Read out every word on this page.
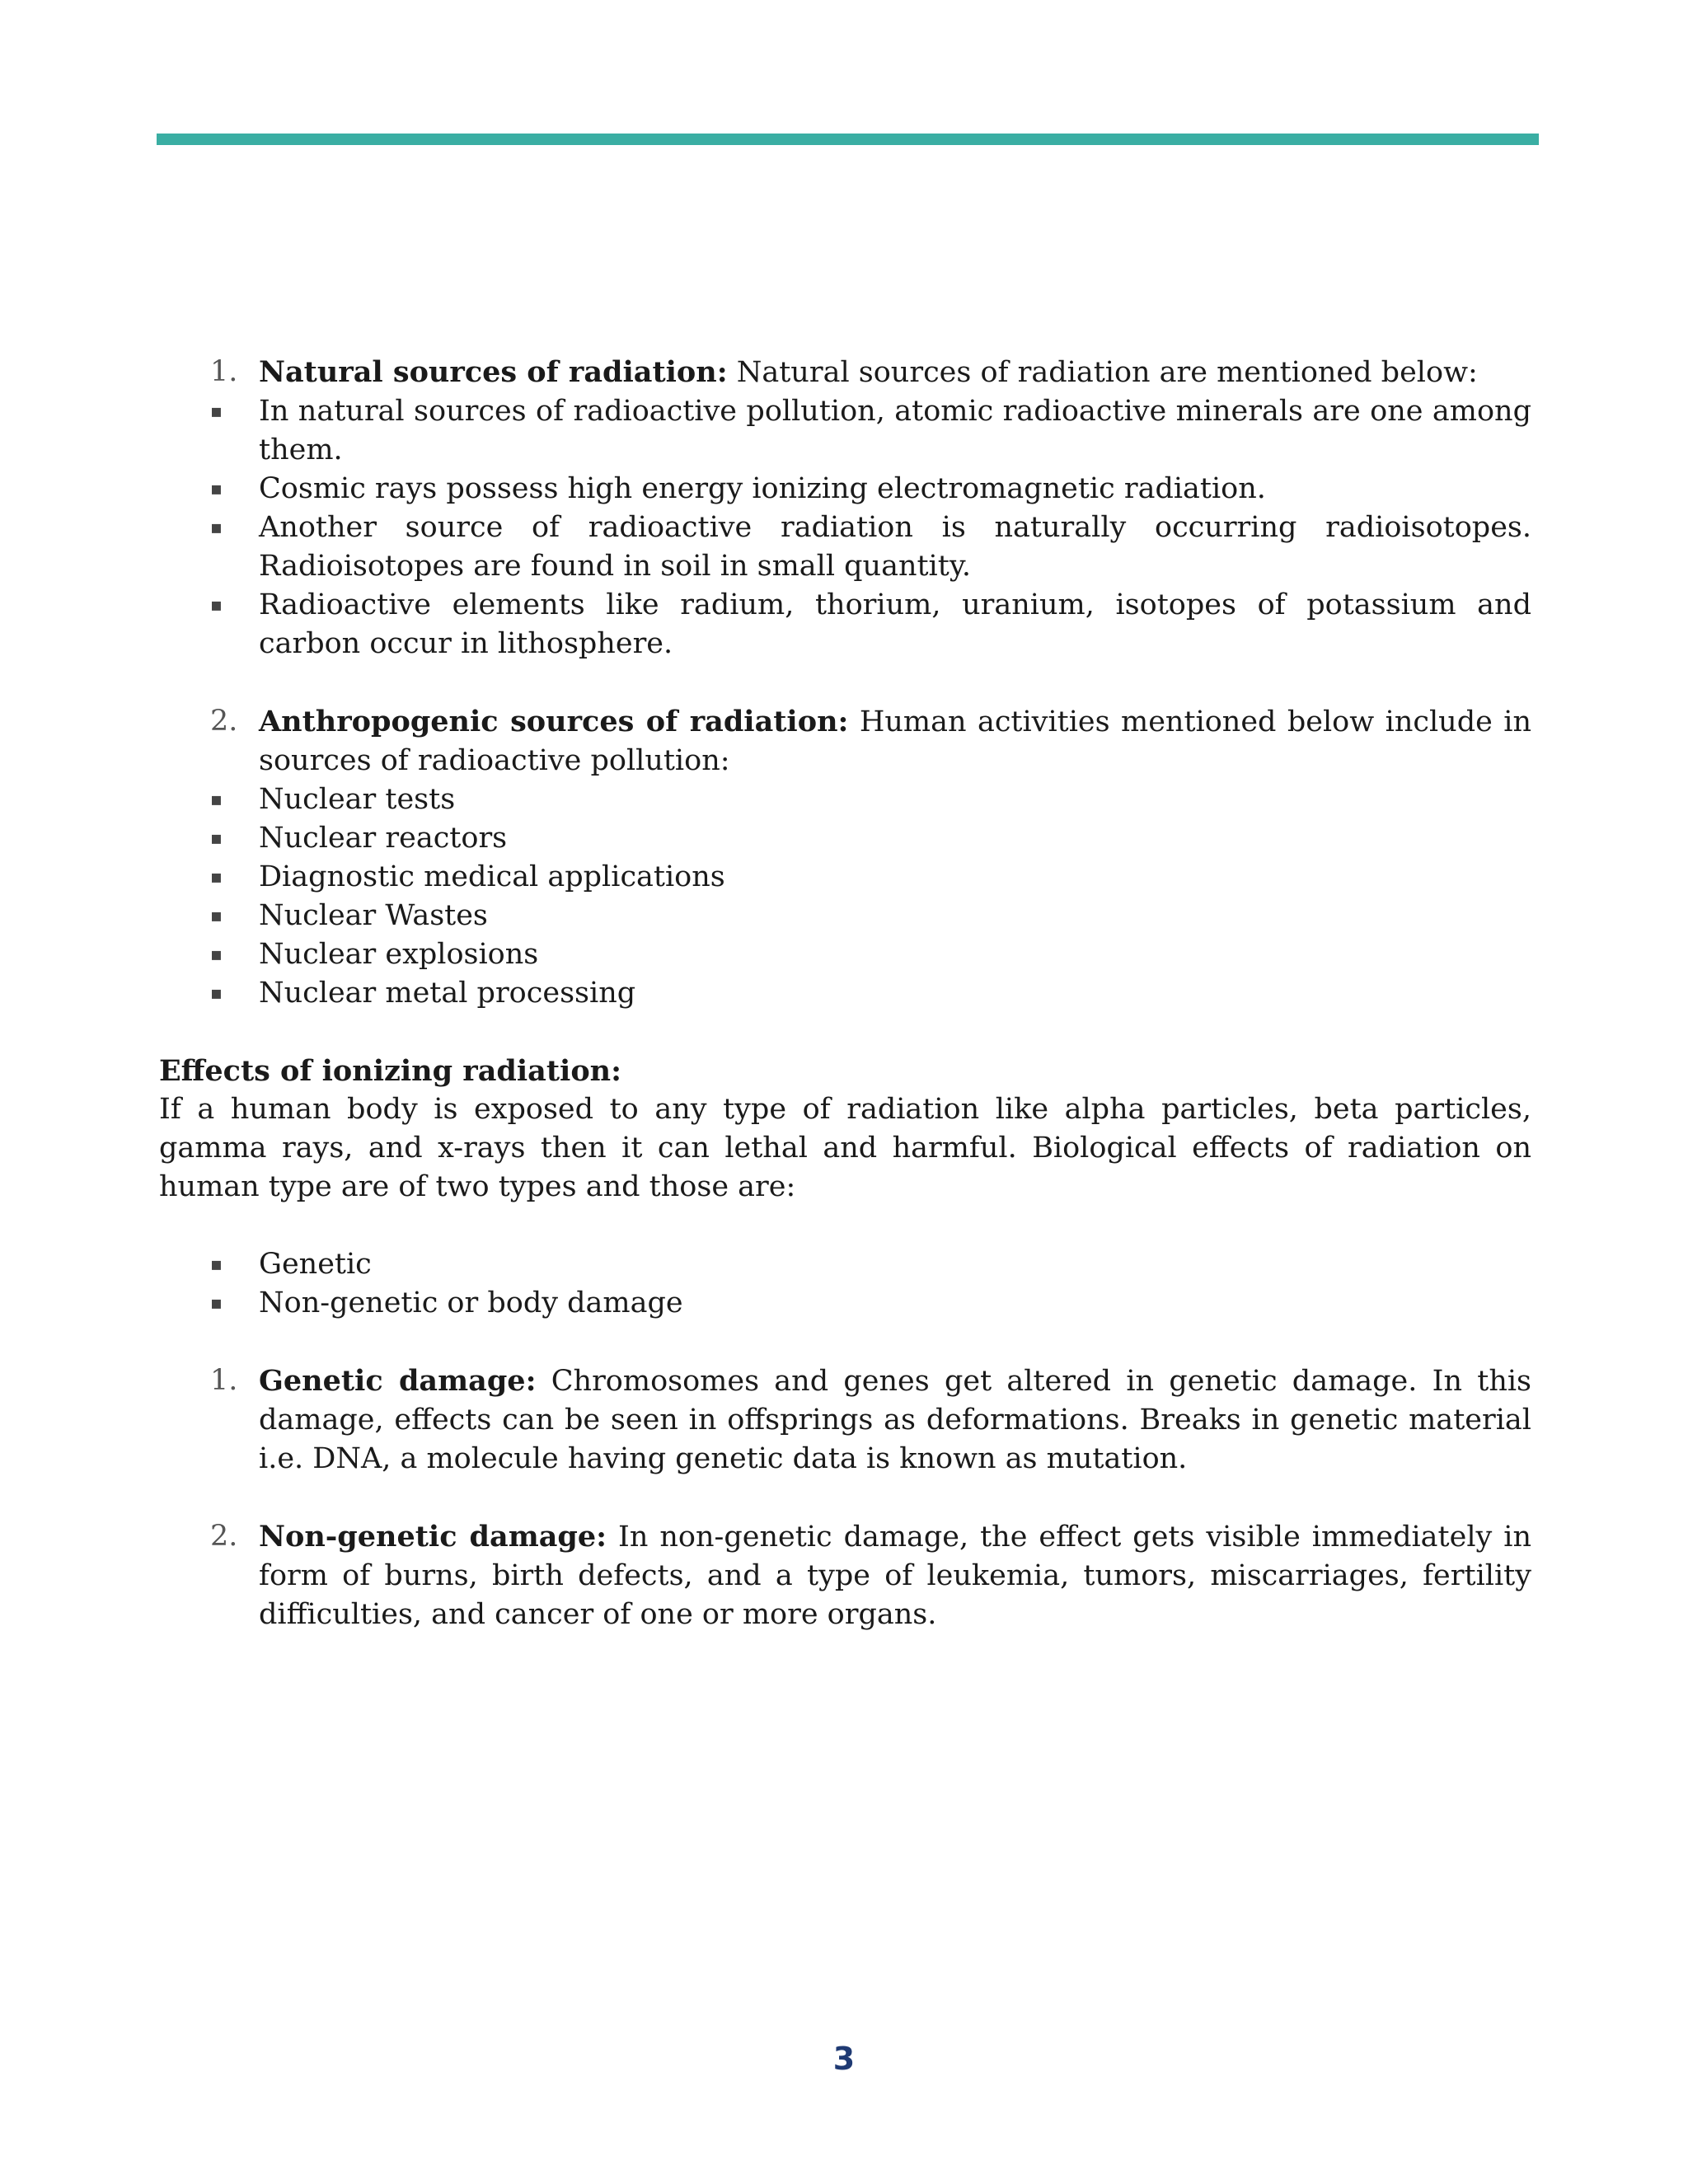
1. Natural sources of radiation: Natural sources of radiation are mentioned below:
▪ In natural sources of radioactive pollution, atomic radioactive minerals are one among them.
▪ Cosmic rays possess high energy ionizing electromagnetic radiation.
▪ Another source of radioactive radiation is naturally occurring radioisotopes. Radioisotopes are found in soil in small quantity.
▪ Radioactive elements like radium, thorium, uranium, isotopes of potassium and carbon occur in lithosphere.
2. Anthropogenic sources of radiation: Human activities mentioned below include in sources of radioactive pollution:
▪ Nuclear tests
▪ Nuclear reactors
▪ Diagnostic medical applications
▪ Nuclear Wastes
▪ Nuclear explosions
▪ Nuclear metal processing

Effects of ionizing radiation:

If a human body is exposed to any type of radiation like alpha particles, beta particles, gamma rays, and x-rays then it can lethal and harmful. Biological effects of radiation on human type are of two types and those are:

▪ Genetic
▪ Non-genetic or body damage
1. Genetic damage: Chromosomes and genes get altered in genetic damage. In this damage, effects can be seen in offsprings as deformations. Breaks in genetic material i.e. DNA, a molecule having genetic data is known as mutation.
2. Non-genetic damage: In non-genetic damage, the effect gets visible immediately in form of burns, birth defects, and a type of leukemia, tumors, miscarriages, fertility difficulties, and cancer of one or more organs.
3
